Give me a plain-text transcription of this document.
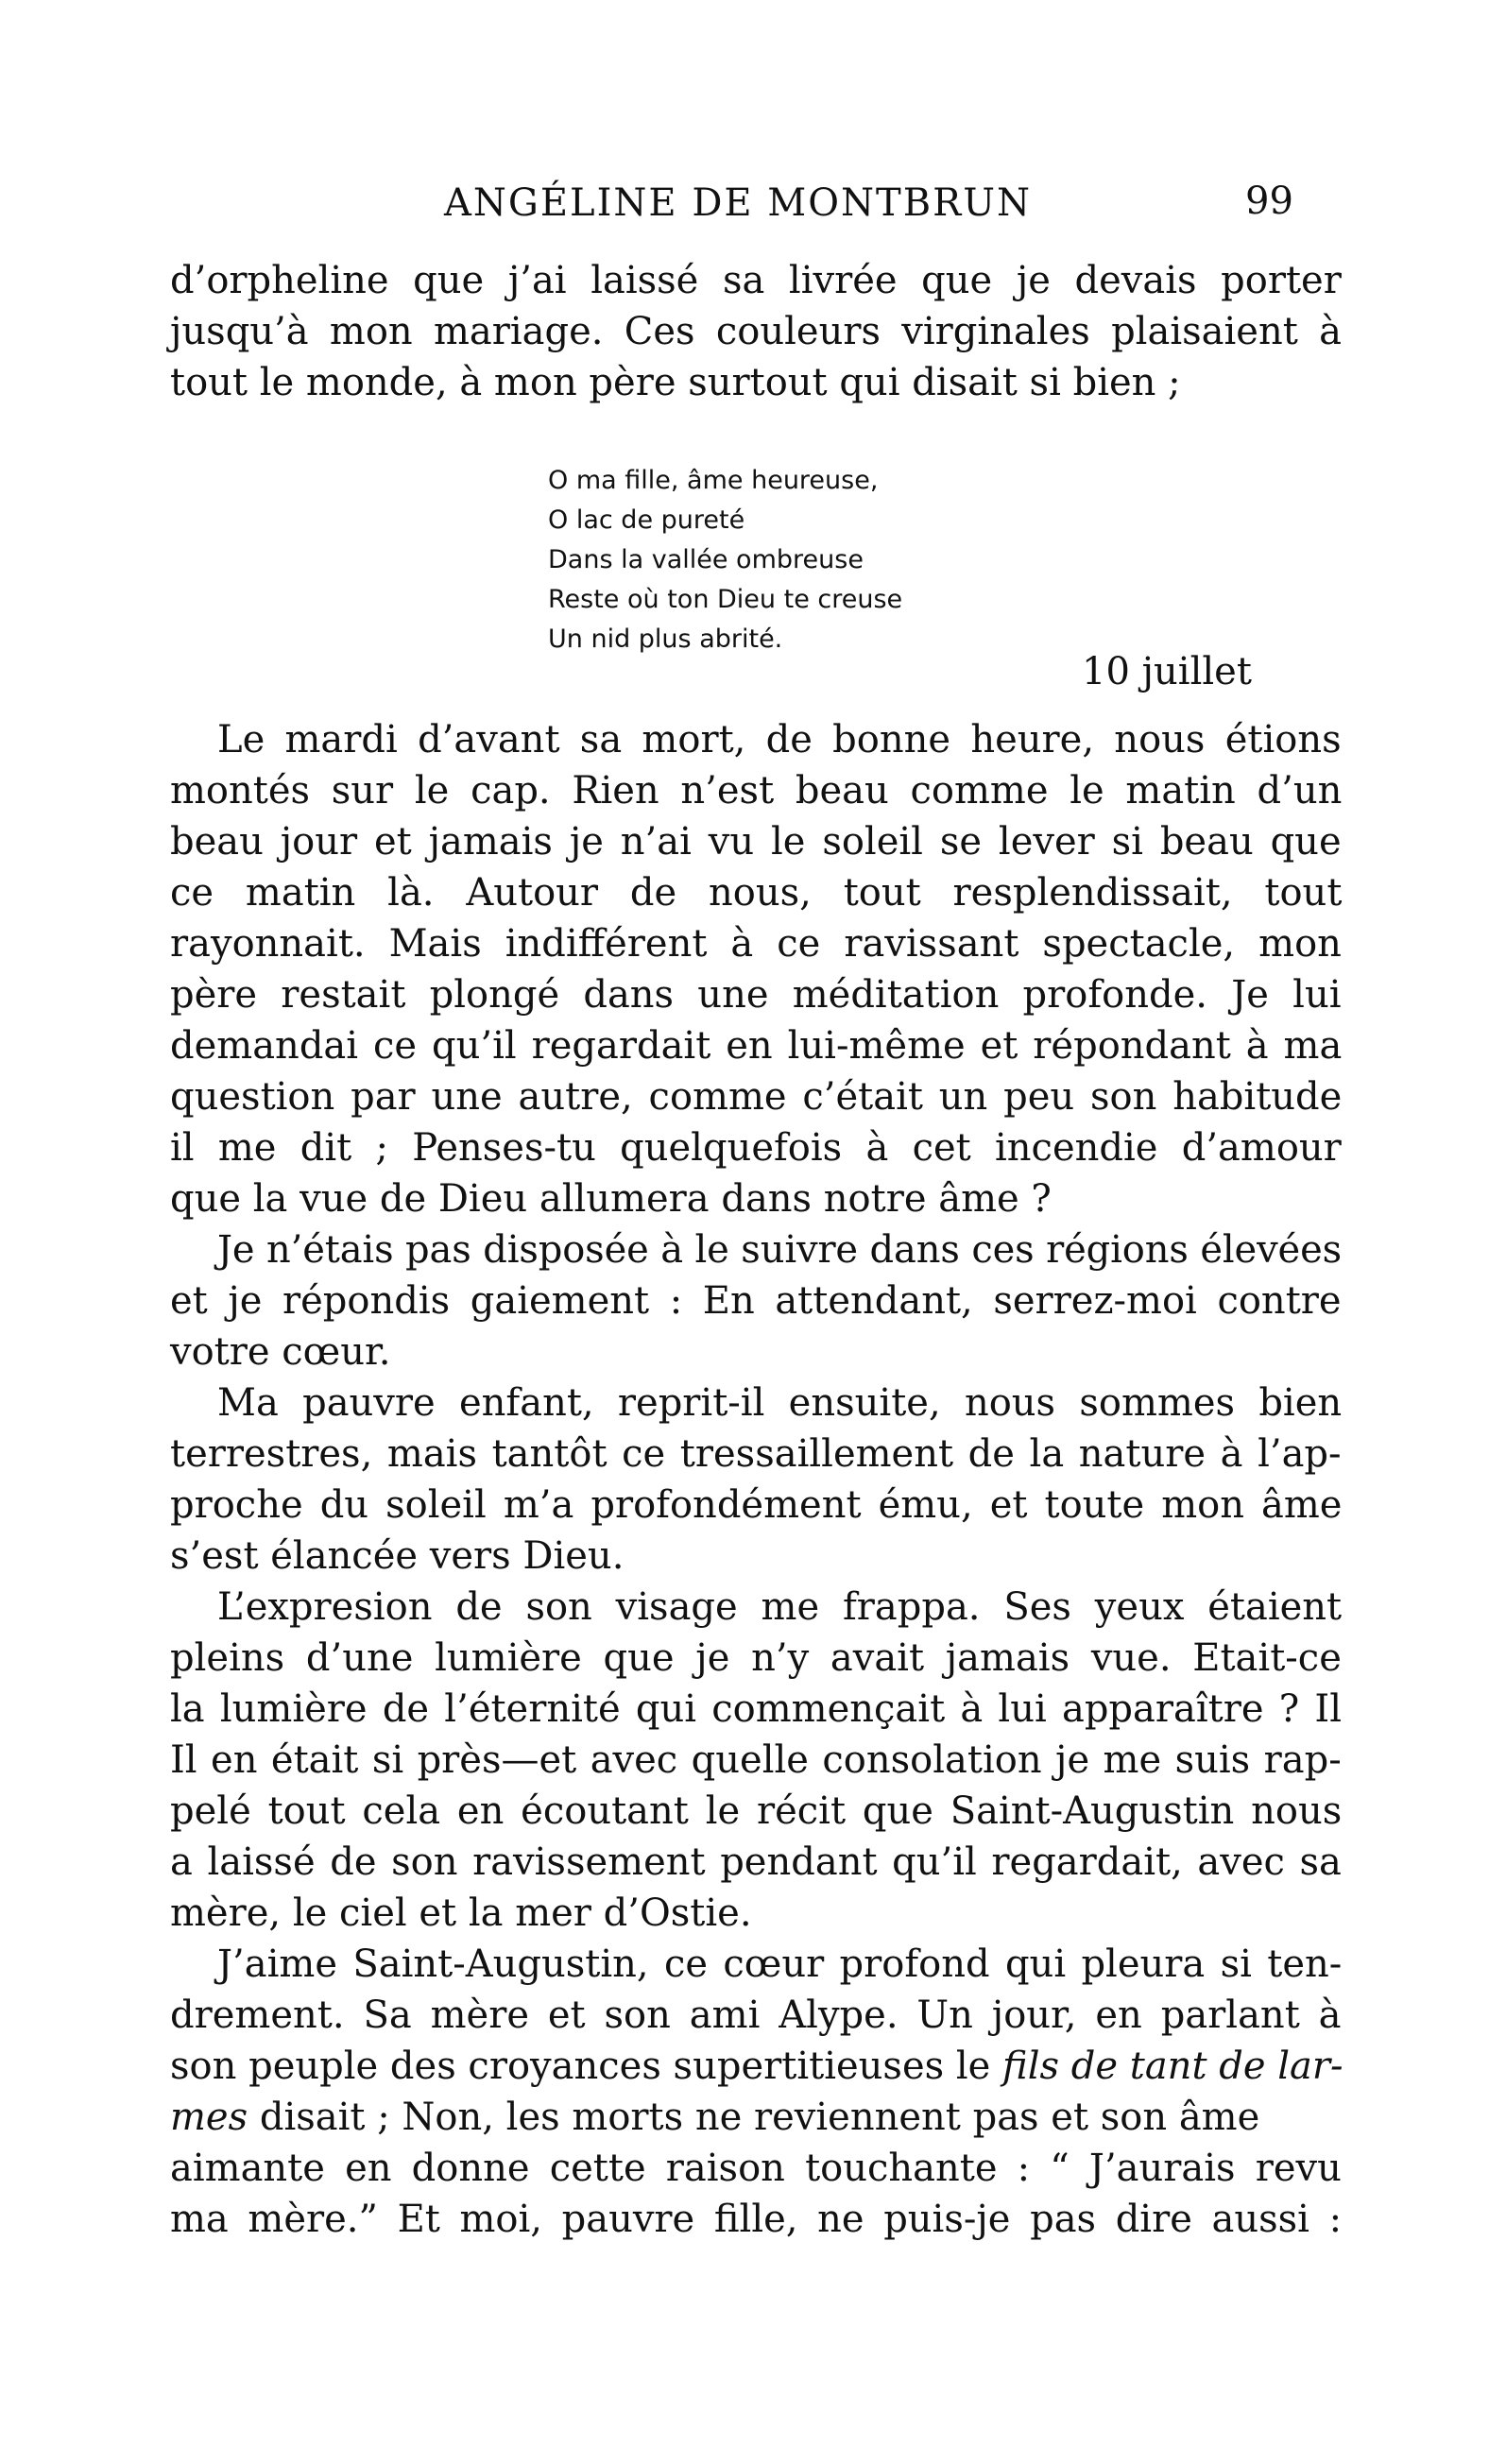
ANGÉLINE DE MONTBRUN	99
d’orpheline que j’ai laissé sa livrée que je devais porter
jusqu’à mon mariage. Ces couleurs virginales plaisaient à
tout le monde, à mon père surtout qui disait si bien ;
O ma fille, âme heureuse,
O lac de pureté
Dans la vallée ombreuse
Reste où ton Dieu te creuse
Un nid plus abrité.
10 juillet
Le mardi d’avant sa mort, de bonne heure, nous étions
montés sur le cap. Rien n’est beau comme le matin d’un
beau jour et jamais je n’ai vu le soleil se lever si beau que
ce matin là. Autour de nous, tout resplendissait, tout
rayonnait. Mais indifférent à ce ravissant spectacle, mon
père restait plongé dans une méditation profonde. Je lui
demandai ce qu’il regardait en lui-même et répondant à ma
question par une autre, comme c’était un peu son habitude
il me dit ; Penses-tu quelquefois à cet incendie d’amour
que la vue de Dieu allumera dans notre âme ?
Je n’étais pas disposée à le suivre dans ces régions élevées
et je répondis gaiement : En attendant, serrez-moi contre
votre cœur.
Ma pauvre enfant, reprit-il ensuite, nous sommes bien
terrestres, mais tantôt ce tressaillement de la nature à l’ap-
proche du soleil m’a profondément ému, et toute mon âme
s’est élancée vers Dieu.
L’expresion de son visage me frappa. Ses yeux étaient
pleins d’une lumière que je n’y avait jamais vue. Etait-ce
la lumière de l’éternité qui commençait à lui apparaître ? Il
Il en était si près—et avec quelle consolation je me suis rap-
pelé tout cela en écoutant le récit que Saint-Augustin nous
a laissé de son ravissement pendant qu’il regardait, avec sa
mère, le ciel et la mer d’Ostie.
J’aime Saint-Augustin, ce cœur profond qui pleura si ten-
drement. Sa mère et son ami Alype. Un jour, en parlant à
son peuple des croyances supertitieuses le fils de tant de lar-
mes disait ; Non, les morts ne reviennent pas et son âme
aimante en donne cette raison touchante : “ J’aurais revu
ma mère.” Et moi, pauvre fille, ne puis-je pas dire aussi :
